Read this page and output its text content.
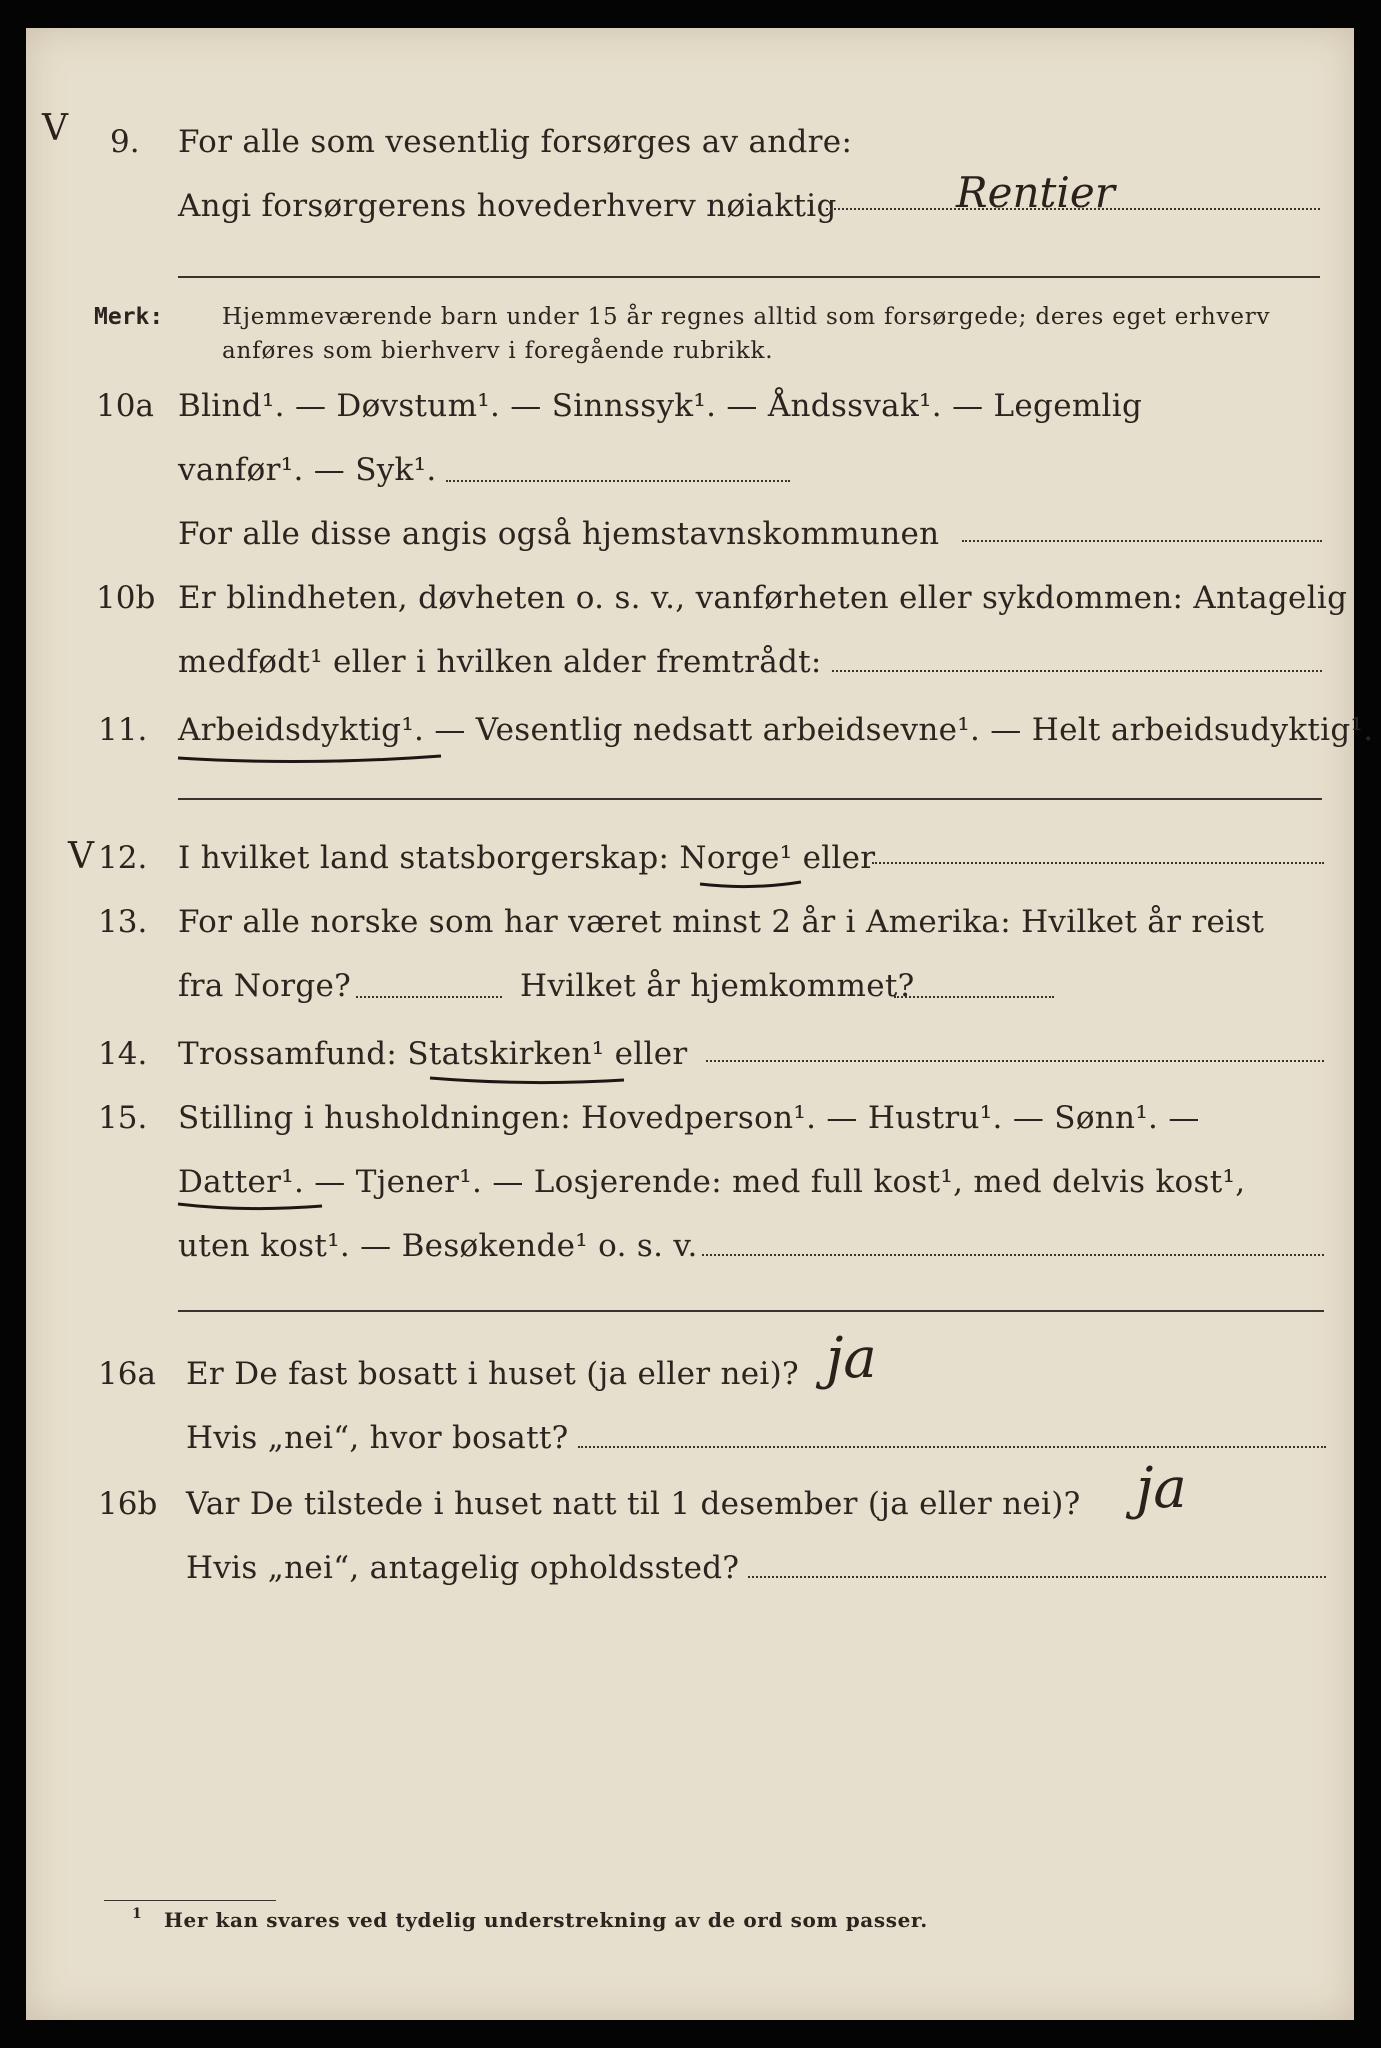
V 9. For alle som vesentlig forsørges av andre:
Angi forsørgerens hovederhverv nøiaktig	Rentier
Merk:	Hjemmeværende barn under 15 år regnes alltid som forsørgede; deres eget erhverv
anføres som bierhverv i foregående rubrikk.
10a Blind¹. — Døvstum¹. — Sinnssyk¹. — Åndssvak¹. — Legemlig
vanfør¹. — Syk¹.
For alle disse angis også hjemstavnskommunen
10b Er blindheten, døvheten o. s. v., vanførheten eller sykdommen: Antagelig
medfødt¹ eller i hvilken alder fremtrådt:
11. Arbeidsdyktig¹. — Vesentlig nedsatt arbeidsevne¹. — Helt arbeidsudyktig¹.
V 12. I hvilket land statsborgerskap: Norge¹ eller
13. For alle norske som har været minst 2 år i Amerika: Hvilket år reist
fra Norge?	Hvilket år hjemkommet?
14. Trossamfund: Statskirken¹ eller
15. Stilling i husholdningen: Hovedperson¹. — Hustru¹. — Sønn¹. —
Datter¹. — Tjener¹. — Losjerende: med full kost¹, med delvis kost¹,
uten kost¹. — Besøkende¹ o. s. v.
16a Er De fast bosatt i huset (ja eller nei)? ja
Hvis „nei“, hvor bosatt?
16b Var De tilstede i huset natt til 1 desember (ja eller nei)? ja
Hvis „nei“, antagelig opholdssted?
1 Her kan svares ved tydelig understrekning av de ord som passer.
